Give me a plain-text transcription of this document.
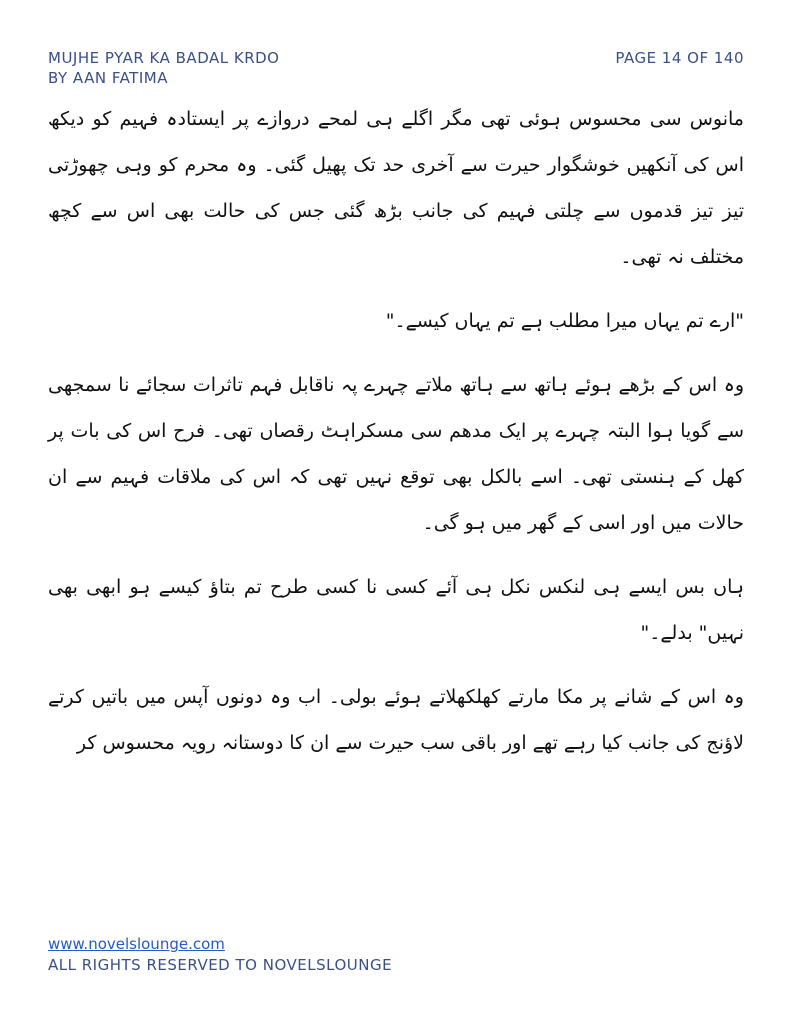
MUJHE PYAR KA BADAL KRDO
BY AAN FATIMA
PAGE 14 OF 140

مانوس سی محسوس ہوئی تھی مگر اگلے ہی لمحے دروازے پر ایستادہ فہیم کو دیکھ اس کی آنکھیں خوشگوار حیرت سے آخری حد تک پھیل گئی۔ وہ محرم کو وہی چھوڑتی تیز تیز قدموں سے چلتی فہیم کی جانب بڑھ گئی جس کی حالت بھی اس سے کچھ مختلف نہ تھی۔

"ارے تم یہاں میرا مطلب ہے تم یہاں کیسے۔"

وہ اس کے بڑھے ہوئے ہاتھ سے ہاتھ ملاتے چہرے پہ ناقابل فہم تاثرات سجائے نا سمجھی سے گویا ہوا البتہ چہرے پر ایک مدھم سی مسکراہٹ رقصاں تھی۔ فرح اس کی بات پر کھل کے ہنستی تھی۔ اسے بالکل بھی توقع نہیں تھی کہ اس کی ملاقات فہیم سے ان حالات میں اور اسی کے گھر میں ہو گی۔

ہاں بس ایسے ہی لنکس نکل ہی آئے کسی نا کسی طرح تم بتاؤ کیسے ہو ابھی بھی نہیں" بدلے۔"

وہ اس کے شانے پر مکا مارتے کھلکھلاتے ہوئے بولی۔ اب وہ دونوں آپس میں باتیں کرتے لاؤنج کی جانب کیا رہے تھے اور باقی سب حیرت سے ان کا دوستانہ رویہ محسوس کر

www.novelslounge.com
ALL RIGHTS RESERVED TO NOVELSLOUNGE
